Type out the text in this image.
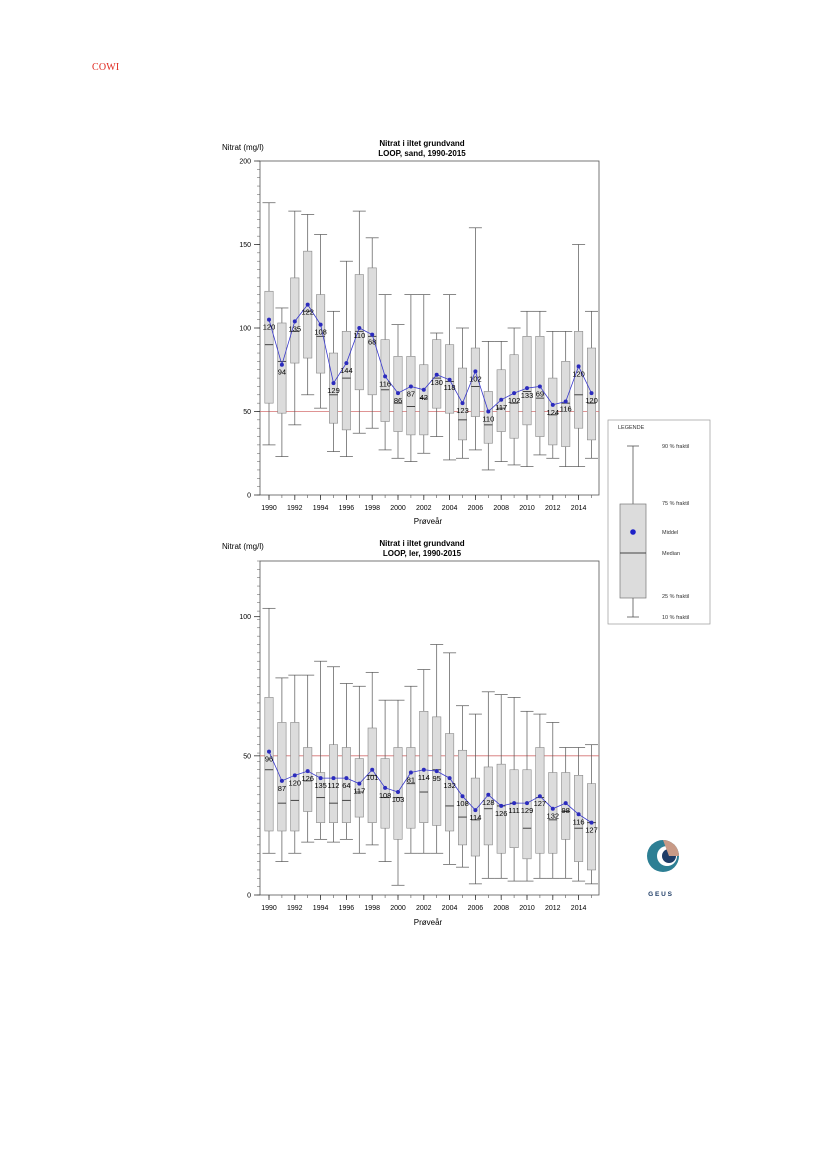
COWI
Nitrat (mg/l)	Nitrat i iltet grundvand
LOOP, sand, 1990-2015
Prøveår
0
50
100
150
200
1990 1992 1994 1996 1998 2000 2002 2004 2006 2008 2010 2012 2014
120
94
135
122
108
129
144
110
68
116
86
87 42
130
118
123
102
110
117
102
133 69
124 116
120
120
Nitrat (mg/l)	Nitrat i iltet grundvand
LOOP, ler, 1990-2015
Prøveår
0
50
100
1990 1992 1994 1996 1998 2000 2002 2004 2006 2008 2010 2012 2014
96
87
120 126
135 112 64
117
101
108 103
81 114 95
132
108
114
128
126 111 129
127
132
98
116
127
LEGENDE
90 % fraktil
75 % fraktil
Middel
Median
25 % fraktil
10 % fraktil
G E U S
